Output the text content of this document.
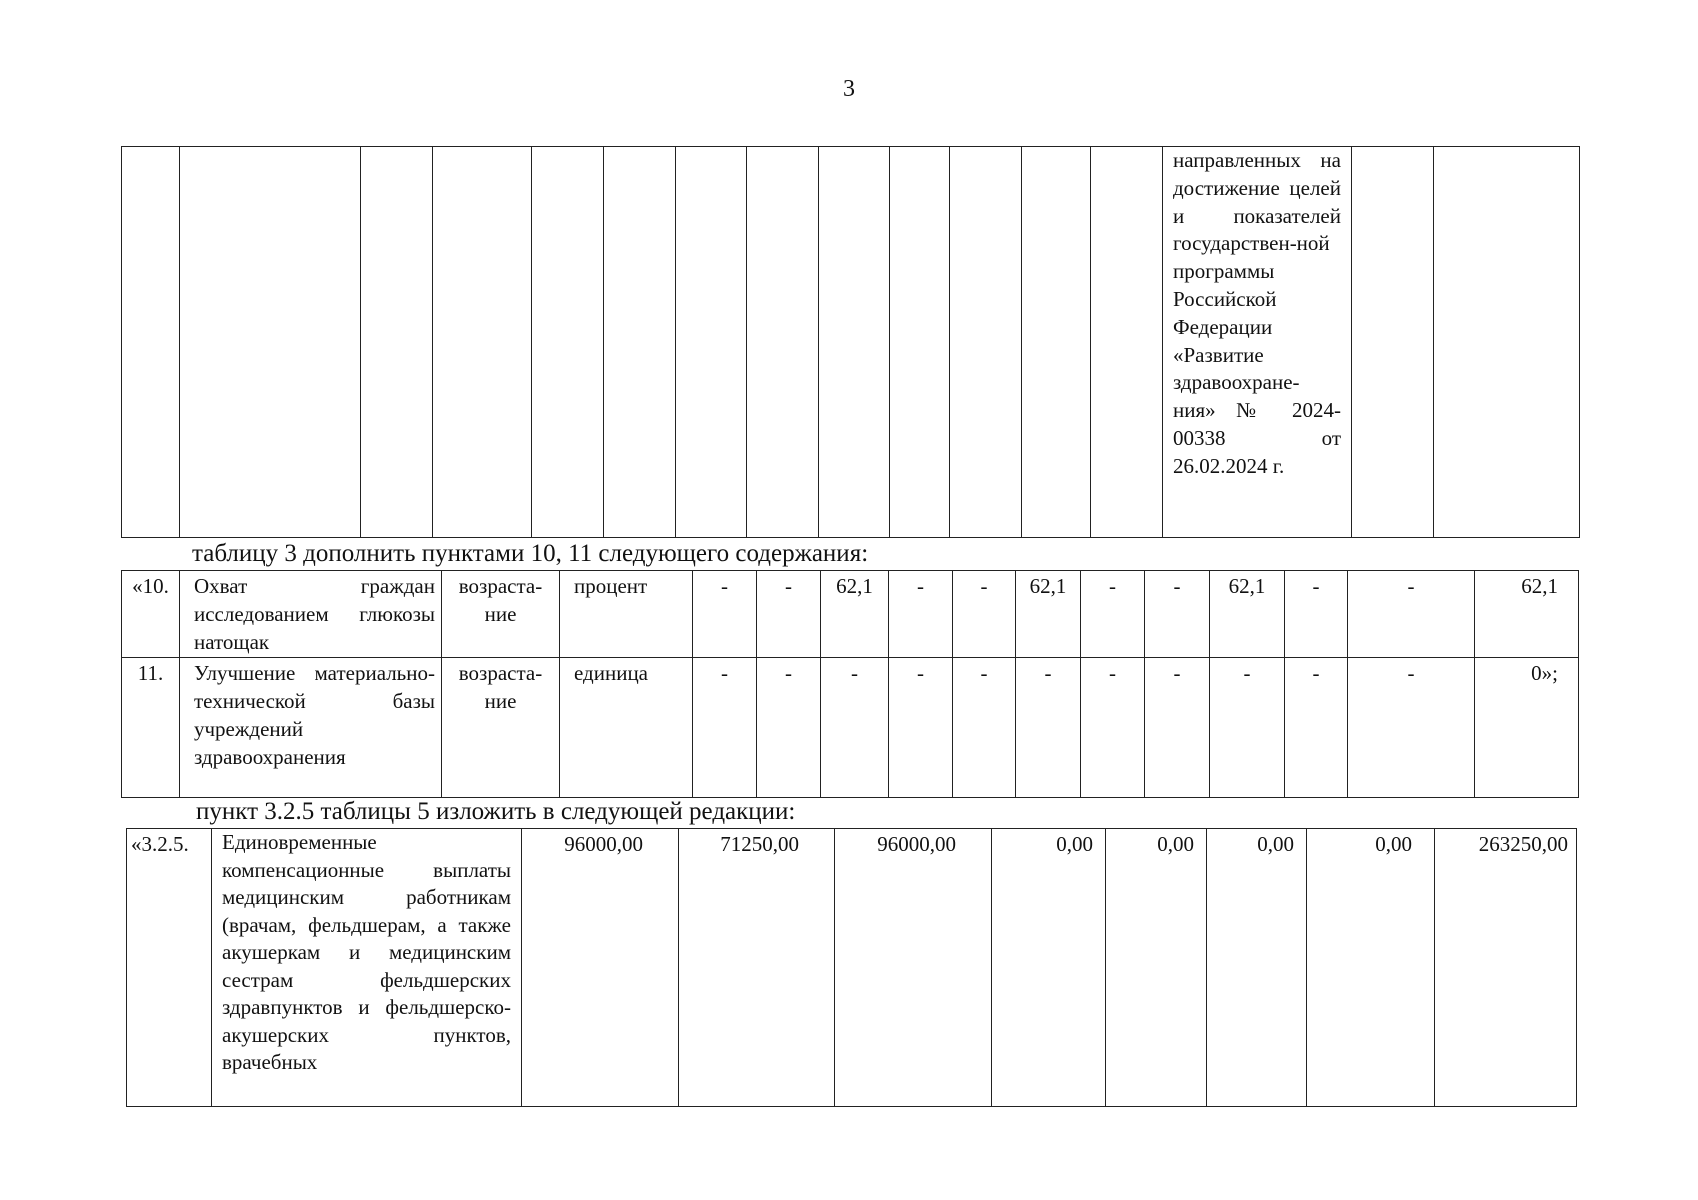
3
													направленных на достижение целей и показателей государствен-ной программы Российской Федерации «Развитие здравоохране-ния» № 2024-00338 от 26.02.2024 г.		
таблицу 3 дополнить пунктами 10, 11 следующего содержания:
«10.	Охват граждан исследованием глюкозы натощак	возраста-ние	процент	-	-	62,1	-	-	62,1	-	-	62,1	-	-	62,1
11.	Улучшение материально-технической базы учреждений здравоохранения	возраста-ние	единица	-	-	-	-	-	-	-	-	-	-	-	0»;
пункт 3.2.5 таблицы 5 изложить в следующей редакции:
«3.2.5.	Единовременные компенсационные выплаты медицинским работникам (врачам, фельдшерам, а также акушеркам и медицинским сестрам фельдшерских здравпунктов и фельдшерско-акушерских пунктов, врачебных	96000,00	71250,00	96000,00	0,00	0,00	0,00	0,00	263250,00
